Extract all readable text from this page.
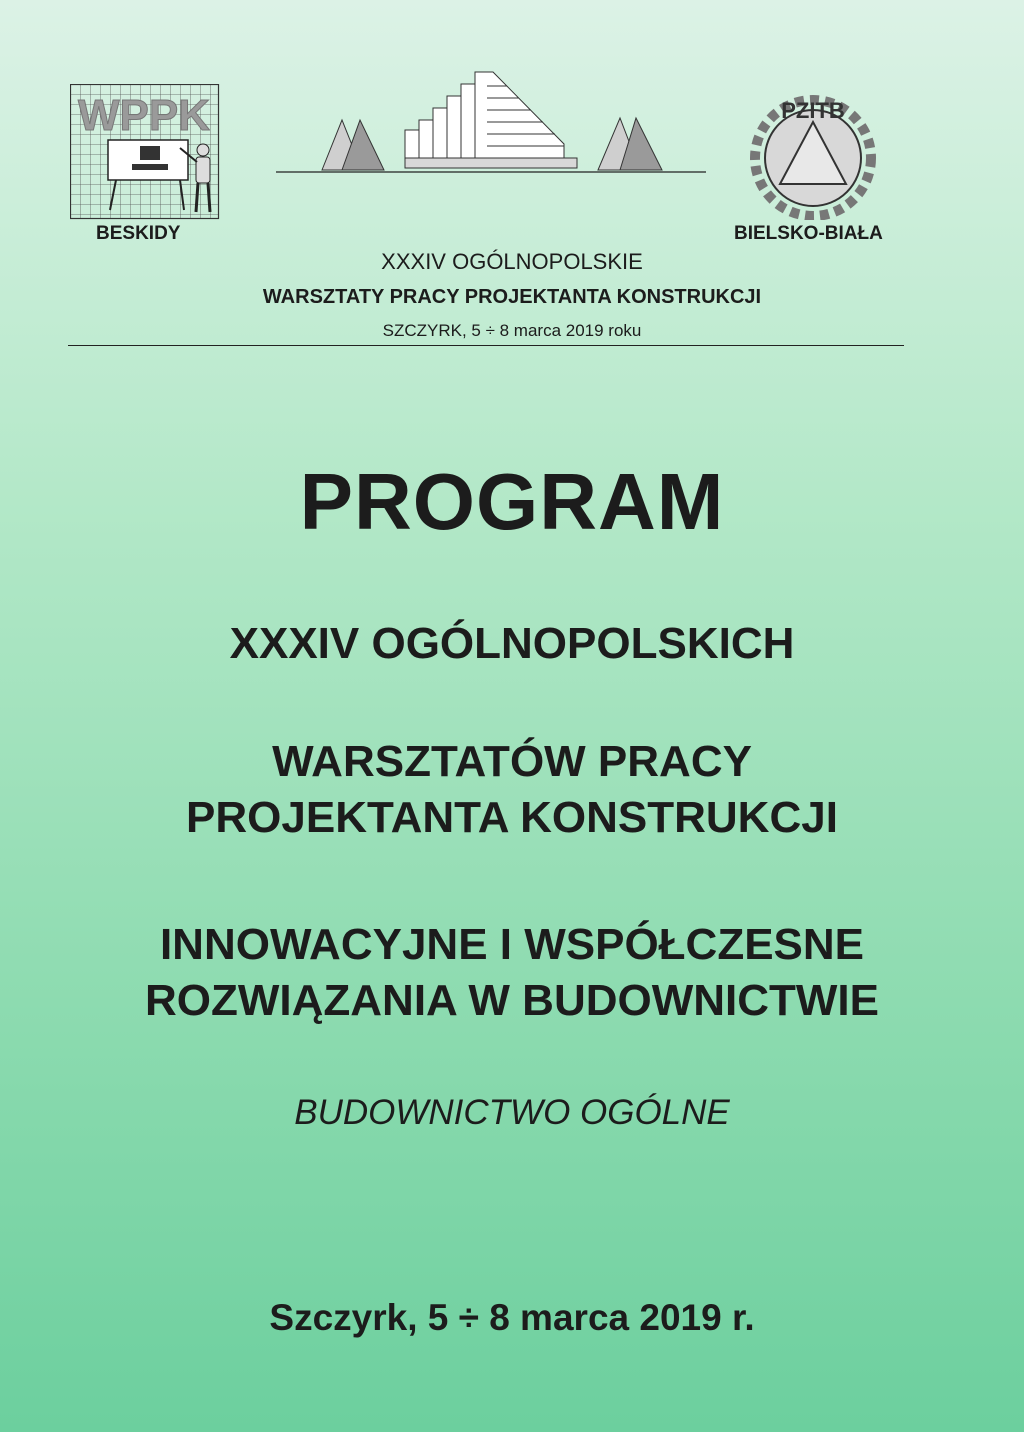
WPPK
BESKIDY
PZITB
BIELSKO-BIAŁA
XXXIV OGÓLNOPOLSKIE
WARSZTATY PRACY PROJEKTANTA KONSTRUKCJI
SZCZYRK, 5 ÷ 8 marca 2019 roku
PROGRAM
XXXIV OGÓLNOPOLSKICH
WARSZTATÓW PRACY
PROJEKTANTA KONSTRUKCJI
INNOWACYJNE I WSPÓŁCZESNE
ROZWIĄZANIA W BUDOWNICTWIE
BUDOWNICTWO OGÓLNE
Szczyrk, 5 ÷ 8 marca 2019 r.
